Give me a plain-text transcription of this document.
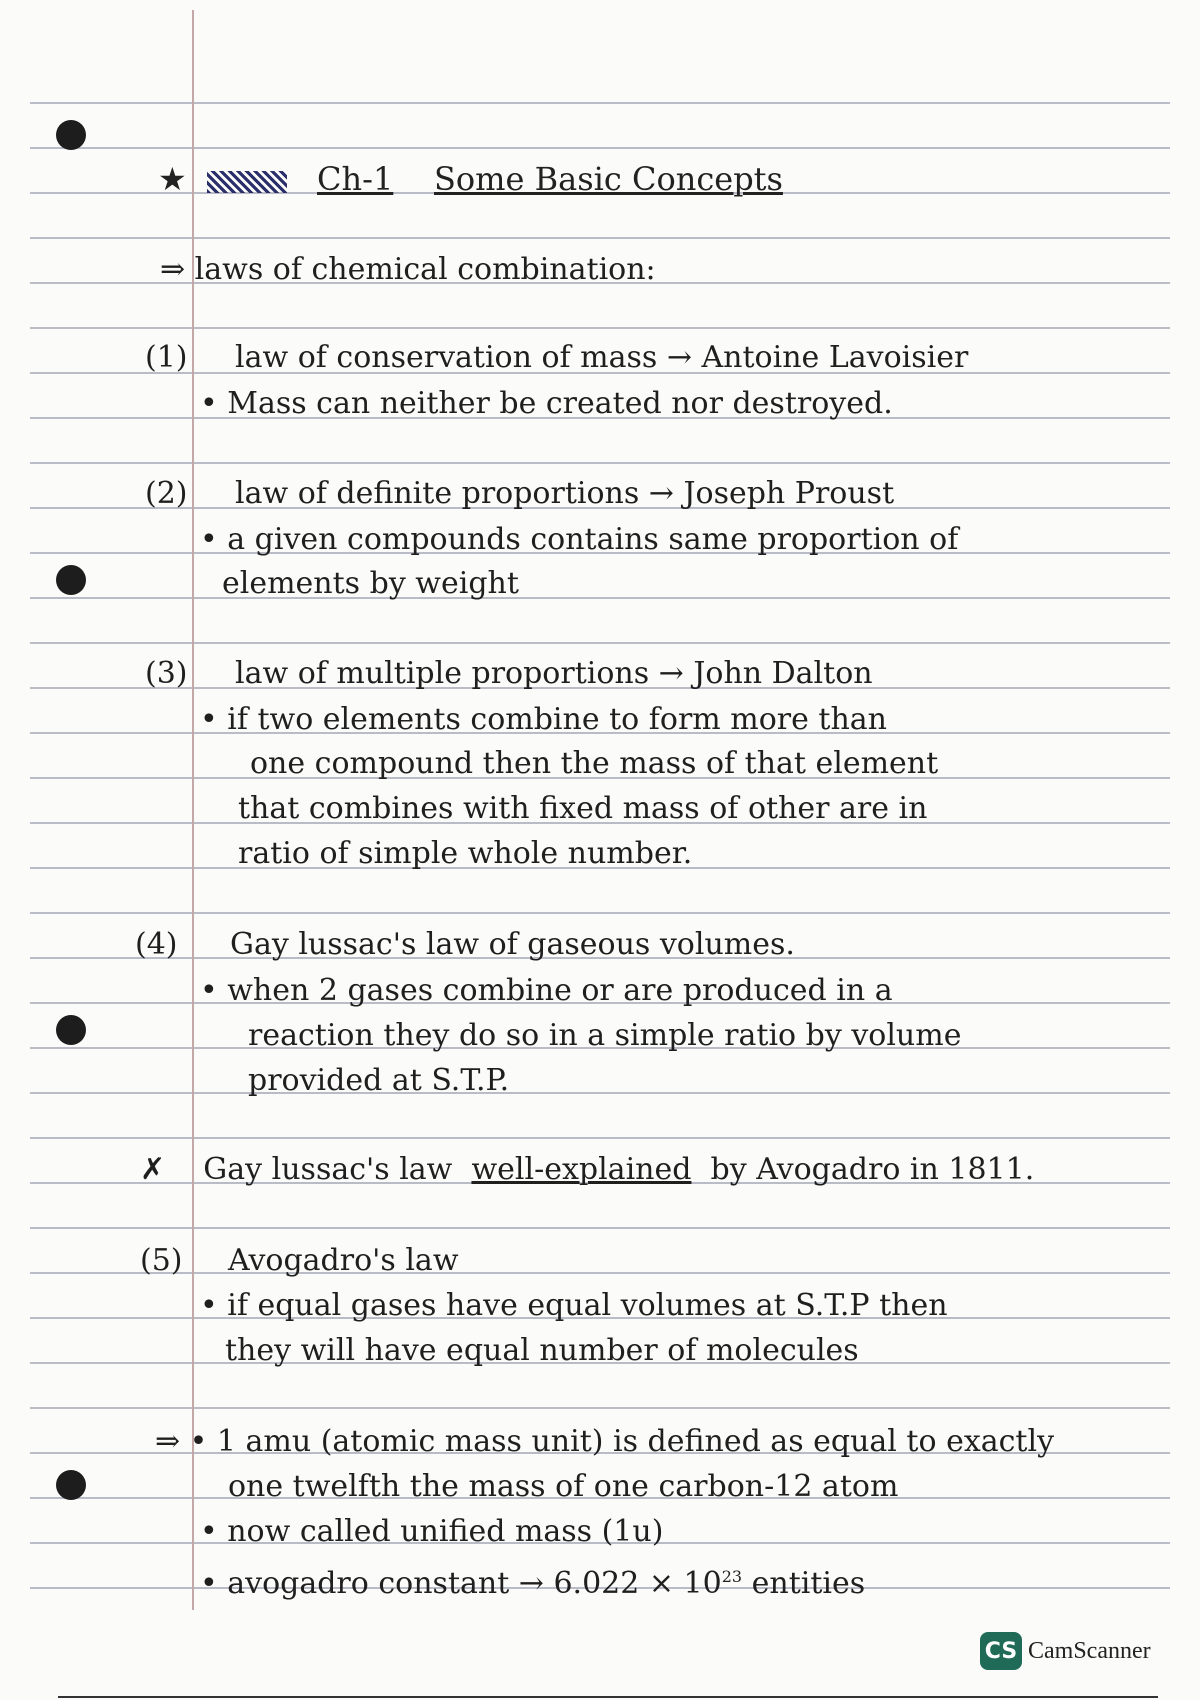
★	Ch-1 Some Basic Concepts
⇒ laws of chemical combination:
(1) law of conservation of mass → Antoine Lavoisier
• Mass can neither be created nor destroyed.
(2) law of definite proportions → Joseph Proust
• a given compounds contains same proportion of
elements by weight
(3) law of multiple proportions → John Dalton
• if two elements combine to form more than
one compound then the mass of that element
that combines with fixed mass of other are in
ratio of simple whole number.
(4) Gay lussac's law of gaseous volumes.
• when 2 gases combine or are produced in a
reaction they do so in a simple ratio by volume
provided at S.T.P.
✗ Gay lussac's law well-explained by Avogadro in 1811.
(5) Avogadro's law
• if equal gases have equal volumes at S.T.P then
they will have equal number of molecules
⇒ • 1 amu (atomic mass unit) is defined as equal to exactly
one twelfth the mass of one carbon-12 atom
• now called unified mass (1u)
• avogadro constant → $6.022 \times 10^{23}$ entities
CS CamScanner
